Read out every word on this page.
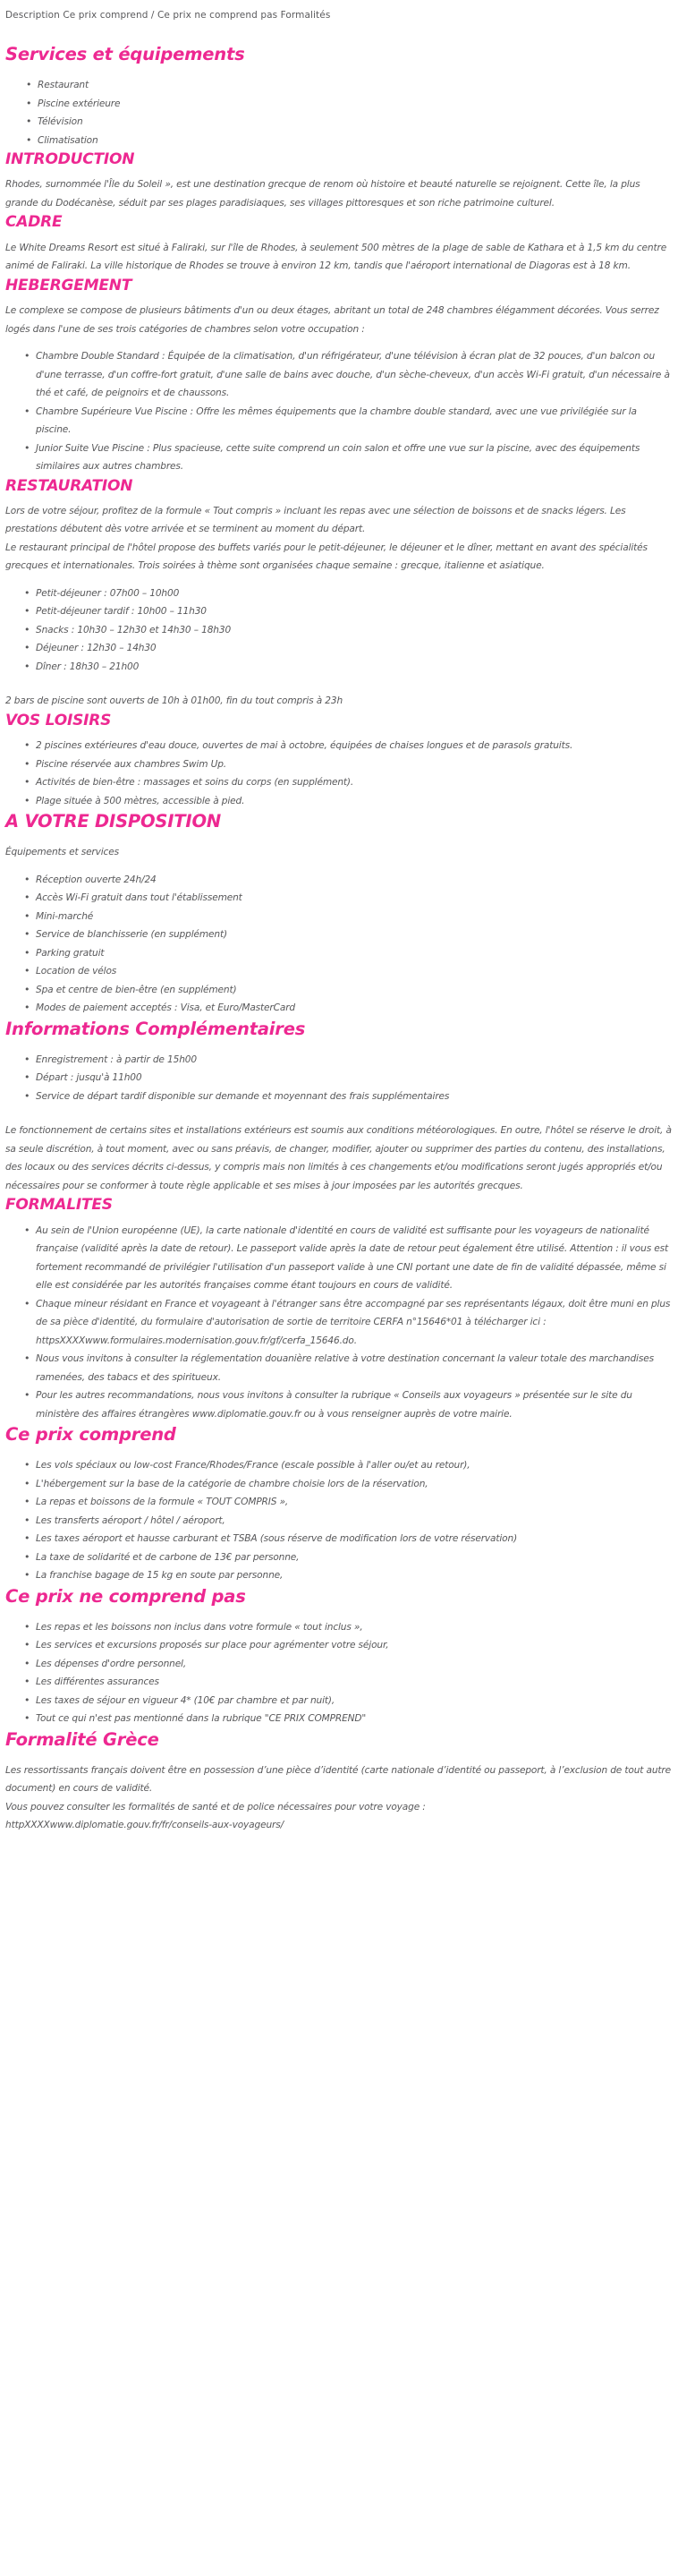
Description Ce prix comprend / Ce prix ne comprend pas Formalités
Services et équipements
• Restaurant
• Piscine extérieure
• Télévision
• Climatisation
INTRODUCTION

Rhodes, surnommée l'Île du Soleil », est une destination grecque de renom où histoire et beauté naturelle se rejoignent. Cette île, la plus grande du Dodécanèse, séduit par ses plages paradisiaques, ses villages pittoresques et son riche patrimoine culturel.

CADRE

Le White Dreams Resort est situé à Faliraki, sur l'île de Rhodes, à seulement 500 mètres de la plage de sable de Kathara et à 1,5 km du centre animé de Faliraki. La ville historique de Rhodes se trouve à environ 12 km, tandis que l'aéroport international de Diagoras est à 18 km.

HEBERGEMENT

Le complexe se compose de plusieurs bâtiments d'un ou deux étages, abritant un total de 248 chambres élégamment décorées. Vous serrez logés dans l'une de ses trois catégories de chambres selon votre occupation :

• Chambre Double Standard : Équipée de la climatisation, d'un réfrigérateur, d'une télévision à écran plat de 32 pouces, d'un balcon ou d'une terrasse, d'un coffre-fort gratuit, d'une salle de bains avec douche, d'un sèche-cheveux, d'un accès Wi-Fi gratuit, d'un nécessaire à thé et café, de peignoirs et de chaussons.
• Chambre Supérieure Vue Piscine : Offre les mêmes équipements que la chambre double standard, avec une vue privilégiée sur la piscine.
• Junior Suite Vue Piscine : Plus spacieuse, cette suite comprend un coin salon et offre une vue sur la piscine, avec des équipements similaires aux autres chambres.
RESTAURATION

Lors de votre séjour, profitez de la formule « Tout compris » incluant les repas avec une sélection de boissons et de snacks légers. Les prestations débutent dès votre arrivée et se terminent au moment du départ.

Le restaurant principal de l'hôtel propose des buffets variés pour le petit-déjeuner, le déjeuner et le dîner, mettant en avant des spécialités grecques et internationales. Trois soirées à thème sont organisées chaque semaine : grecque, italienne et asiatique.

• Petit-déjeuner : 07h00 – 10h00
• Petit-déjeuner tardif : 10h00 – 11h30
• Snacks : 10h30 – 12h30 et 14h30 – 18h30
• Déjeuner : 12h30 – 14h30
• Dîner : 18h30 – 21h00

2 bars de piscine sont ouverts de 10h à 01h00, fin du tout compris à 23h

VOS LOISIRS
• 2 piscines extérieures d'eau douce, ouvertes de mai à octobre, équipées de chaises longues et de parasols gratuits.
• Piscine réservée aux chambres Swim Up.
• Activités de bien-être : massages et soins du corps (en supplément).
• Plage située à 500 mètres, accessible à pied.
A VOTRE DISPOSITION

Équipements et services

• Réception ouverte 24h/24
• Accès Wi-Fi gratuit dans tout l'établissement
• Mini-marché
• Service de blanchisserie (en supplément)
• Parking gratuit
• Location de vélos
• Spa et centre de bien-être (en supplément)
• Modes de paiement acceptés : Visa, et Euro/MasterCard
Informations Complémentaires
• Enregistrement : à partir de 15h00
• Départ : jusqu'à 11h00
• Service de départ tardif disponible sur demande et moyennant des frais supplémentaires

Le fonctionnement de certains sites et installations extérieurs est soumis aux conditions météorologiques. En outre, l'hôtel se réserve le droit, à sa seule discrétion, à tout moment, avec ou sans préavis, de changer, modifier, ajouter ou supprimer des parties du contenu, des installations, des locaux ou des services décrits ci-dessus, y compris mais non limités à ces changements et/ou modifications seront jugés appropriés et/ou nécessaires pour se conformer à toute règle applicable et ses mises à jour imposées par les autorités grecques.

FORMALITES
• Au sein de l'Union européenne (UE), la carte nationale d'identité en cours de validité est suffisante pour les voyageurs de nationalité française (validité après la date de retour). Le passeport valide après la date de retour peut également être utilisé. Attention : il vous est fortement recommandé de privilégier l'utilisation d'un passeport valide à une CNI portant une date de fin de validité dépassée, même si elle est considérée par les autorités françaises comme étant toujours en cours de validité.
• Chaque mineur résidant en France et voyageant à l'étranger sans être accompagné par ses représentants légaux, doit être muni en plus de sa pièce d'identité, du formulaire d'autorisation de sortie de territoire CERFA n°15646*01 à télécharger ici : httpsXXXXwww.formulaires.modernisation.gouv.fr/gf/cerfa_15646.do.
• Nous vous invitons à consulter la réglementation douanière relative à votre destination concernant la valeur totale des marchandises ramenées, des tabacs et des spiritueux.
• Pour les autres recommandations, nous vous invitons à consulter la rubrique « Conseils aux voyageurs » présentée sur le site du ministère des affaires étrangères www.diplomatie.gouv.fr ou à vous renseigner auprès de votre mairie.
Ce prix comprend
• Les vols spéciaux ou low-cost France/Rhodes/France (escale possible à l'aller ou/et au retour),
• L'hébergement sur la base de la catégorie de chambre choisie lors de la réservation,
• La repas et boissons de la formule « TOUT COMPRIS »,
• Les transferts aéroport / hôtel / aéroport,
• Les taxes aéroport et hausse carburant et TSBA (sous réserve de modification lors de votre réservation)
• La taxe de solidarité et de carbone de 13€ par personne,
• La franchise bagage de 15 kg en soute par personne,
Ce prix ne comprend pas
• Les repas et les boissons non inclus dans votre formule « tout inclus »,
• Les services et excursions proposés sur place pour agrémenter votre séjour,
• Les dépenses d'ordre personnel,
• Les différentes assurances
• Les taxes de séjour en vigueur 4* (10€ par chambre et par nuit),
• Tout ce qui n'est pas mentionné dans la rubrique "CE PRIX COMPREND"
Formalité Grèce

Les ressortissants français doivent être en possession d’une pièce d’identité (carte nationale d’identité ou passeport, à l’exclusion de tout autre document) en cours de validité.

Vous pouvez consulter les formalités de santé et de police nécessaires pour votre voyage :

httpXXXXwww.diplomatie.gouv.fr/fr/conseils-aux-voyageurs/
